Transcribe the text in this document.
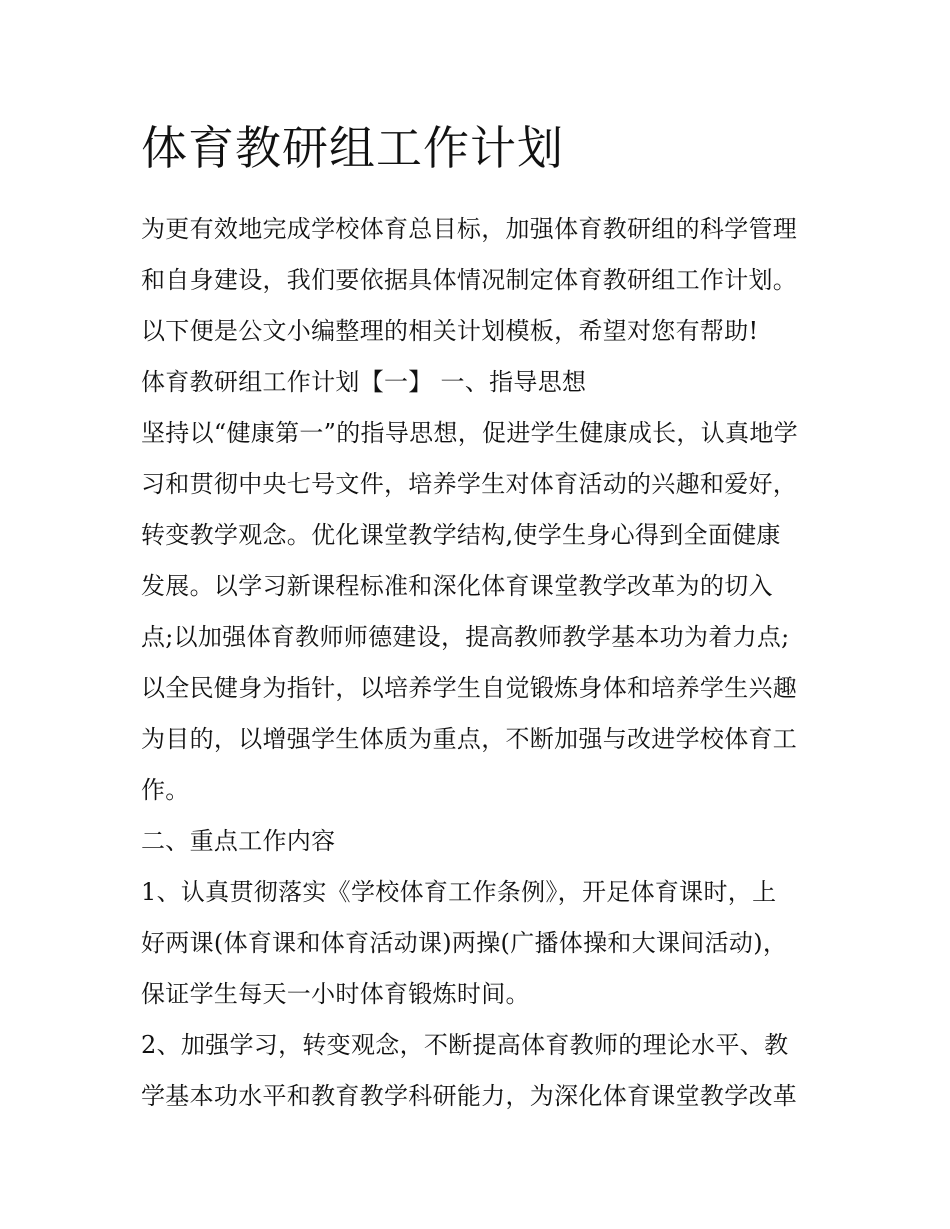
体育教研组工作计划
为更有效地完成学校体育总目标，加强体育教研组的科学管理
和自身建设，我们要依据具体情况制定体育教研组工作计划。
以下便是公文小编整理的相关计划模板，希望对您有帮助!
体育教研组工作计划【一】 一、指导思想
坚持以“健康第一”的指导思想，促进学生健康成长，认真地学
习和贯彻中央七号文件，培养学生对体育活动的兴趣和爱好，
转变教学观念。优化课堂教学结构,使学生身心得到全面健康
发展。以学习新课程标准和深化体育课堂教学改革为的切入
点;以加强体育教师师德建设，提高教师教学基本功为着力点;
以全民健身为指针，以培养学生自觉锻炼身体和培养学生兴趣
为目的，以增强学生体质为重点，不断加强与改进学校体育工
作。
二、重点工作内容
1、认真贯彻落实《学校体育工作条例》，开足体育课时，上
好两课(体育课和体育活动课)两操(广播体操和大课间活动)，
保证学生每天一小时体育锻炼时间。
2、加强学习，转变观念，不断提高体育教师的理论水平、教
学基本功水平和教育教学科研能力，为深化体育课堂教学改革
